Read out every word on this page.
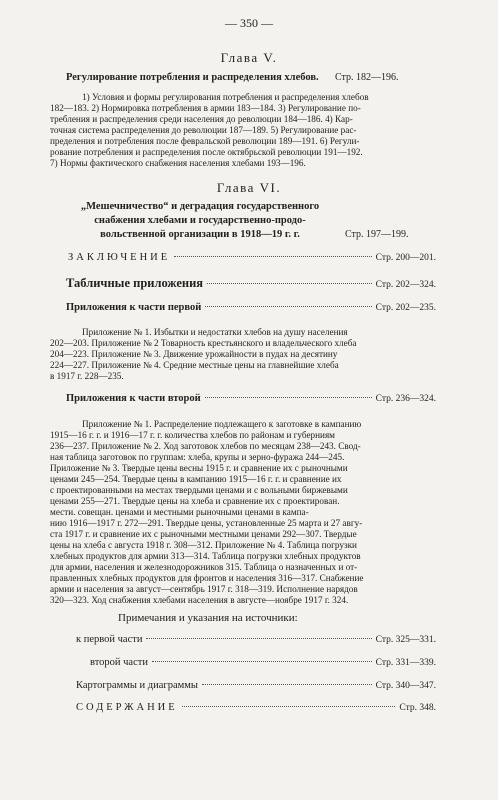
— 350 —
Глава V.
Регулирование потребления и распределения хлебов. Стр. 182—196.
1) Условия и формы регулирования потребления и распределения хлебов
182—183. 2) Нормировка потребления в армии 183—184. 3) Регулирование по-
требления и распределения среди населения до революции 184—186. 4) Кар-
точная система распределения до революции 187—189. 5) Регулирование рас-
пределения и потребления после февральской революции 189—191. 6) Регули-
рование потребления и распределения после октябрьской революции 191—192.
7) Нормы фактического снабжения населения хлебами 193—196.
Глава VI.
„Мешечничество“ и деградация государственного
снабжения хлебами и государственно-продо-
вольственной организации в 1918—19 г. г.	Стр. 197—199.
ЗАКЛЮЧЕНИЕ	Стр. 200—201.
Табличные приложения	Стр. 202—324.
Приложения к части первой	Стр. 202—235.
Приложение № 1. Избытки и недостатки хлебов на душу населения
202—203. Приложение № 2 Товарность крестьянского и владельческого хлеба
204—223. Приложение № 3. Движение урожайности в пудах на десятину
224—227. Приложение № 4. Средние местные цены на главнейшие хлеба
в 1917 г. 228—235.
Приложения к части второй	Стр. 236—324.
Приложение № 1. Распределение подлежащего к заготовке в кампанию
1915—16 г. г. и 1916—17 г. г. количества хлебов по районам и губерниям
236—237. Приложение № 2. Ход заготовок хлебов по месяцам 238—243. Свод-
ная таблица заготовок по группам: хлеба, крупы и зерно-фуража 244—245.
Приложение № 3. Твердые цены весны 1915 г. и сравнение их с рыночными
ценами 245—254. Твердые цены в кампанию 1915—16 г. г. и сравнение их
с проектированными на местах твердыми ценами и с вольными биржевыми
ценами 255—271. Твердые цены на хлеба и сравнение их с проектирован.
мести. совещан. ценами и местными рыночными ценами в кампа-
нию 1916—1917 г. 272—291. Твердые цены, установленные 25 марта и 27 авгу-
ста 1917 г. и сравнение их с рыночными местными ценами 292—307. Твердые
цены на хлеба с августа 1918 г. 308—312. Приложение № 4. Таблица погрузки
хлебных продуктов для армии 313—314. Таблица погрузки хлебных продуктов
для армии, населения и железнодорожников 315. Таблица о назначенных и от-
правленных хлебных продуктов для фронтов и населения 316—317. Снабжение
армии и населения за август—сентябрь 1917 г. 318—319. Исполнение нарядов
320—323. Ход снабжения хлебами населения в августе—ноябре 1917 г. 324.
Примечания и указания на источники:
к первой части	Стр. 325—331.
второй части	Стр. 331—339.
Картограммы и диаграммы	Стр. 340—347.
СОДЕРЖАНИЕ	Стр. 348.
